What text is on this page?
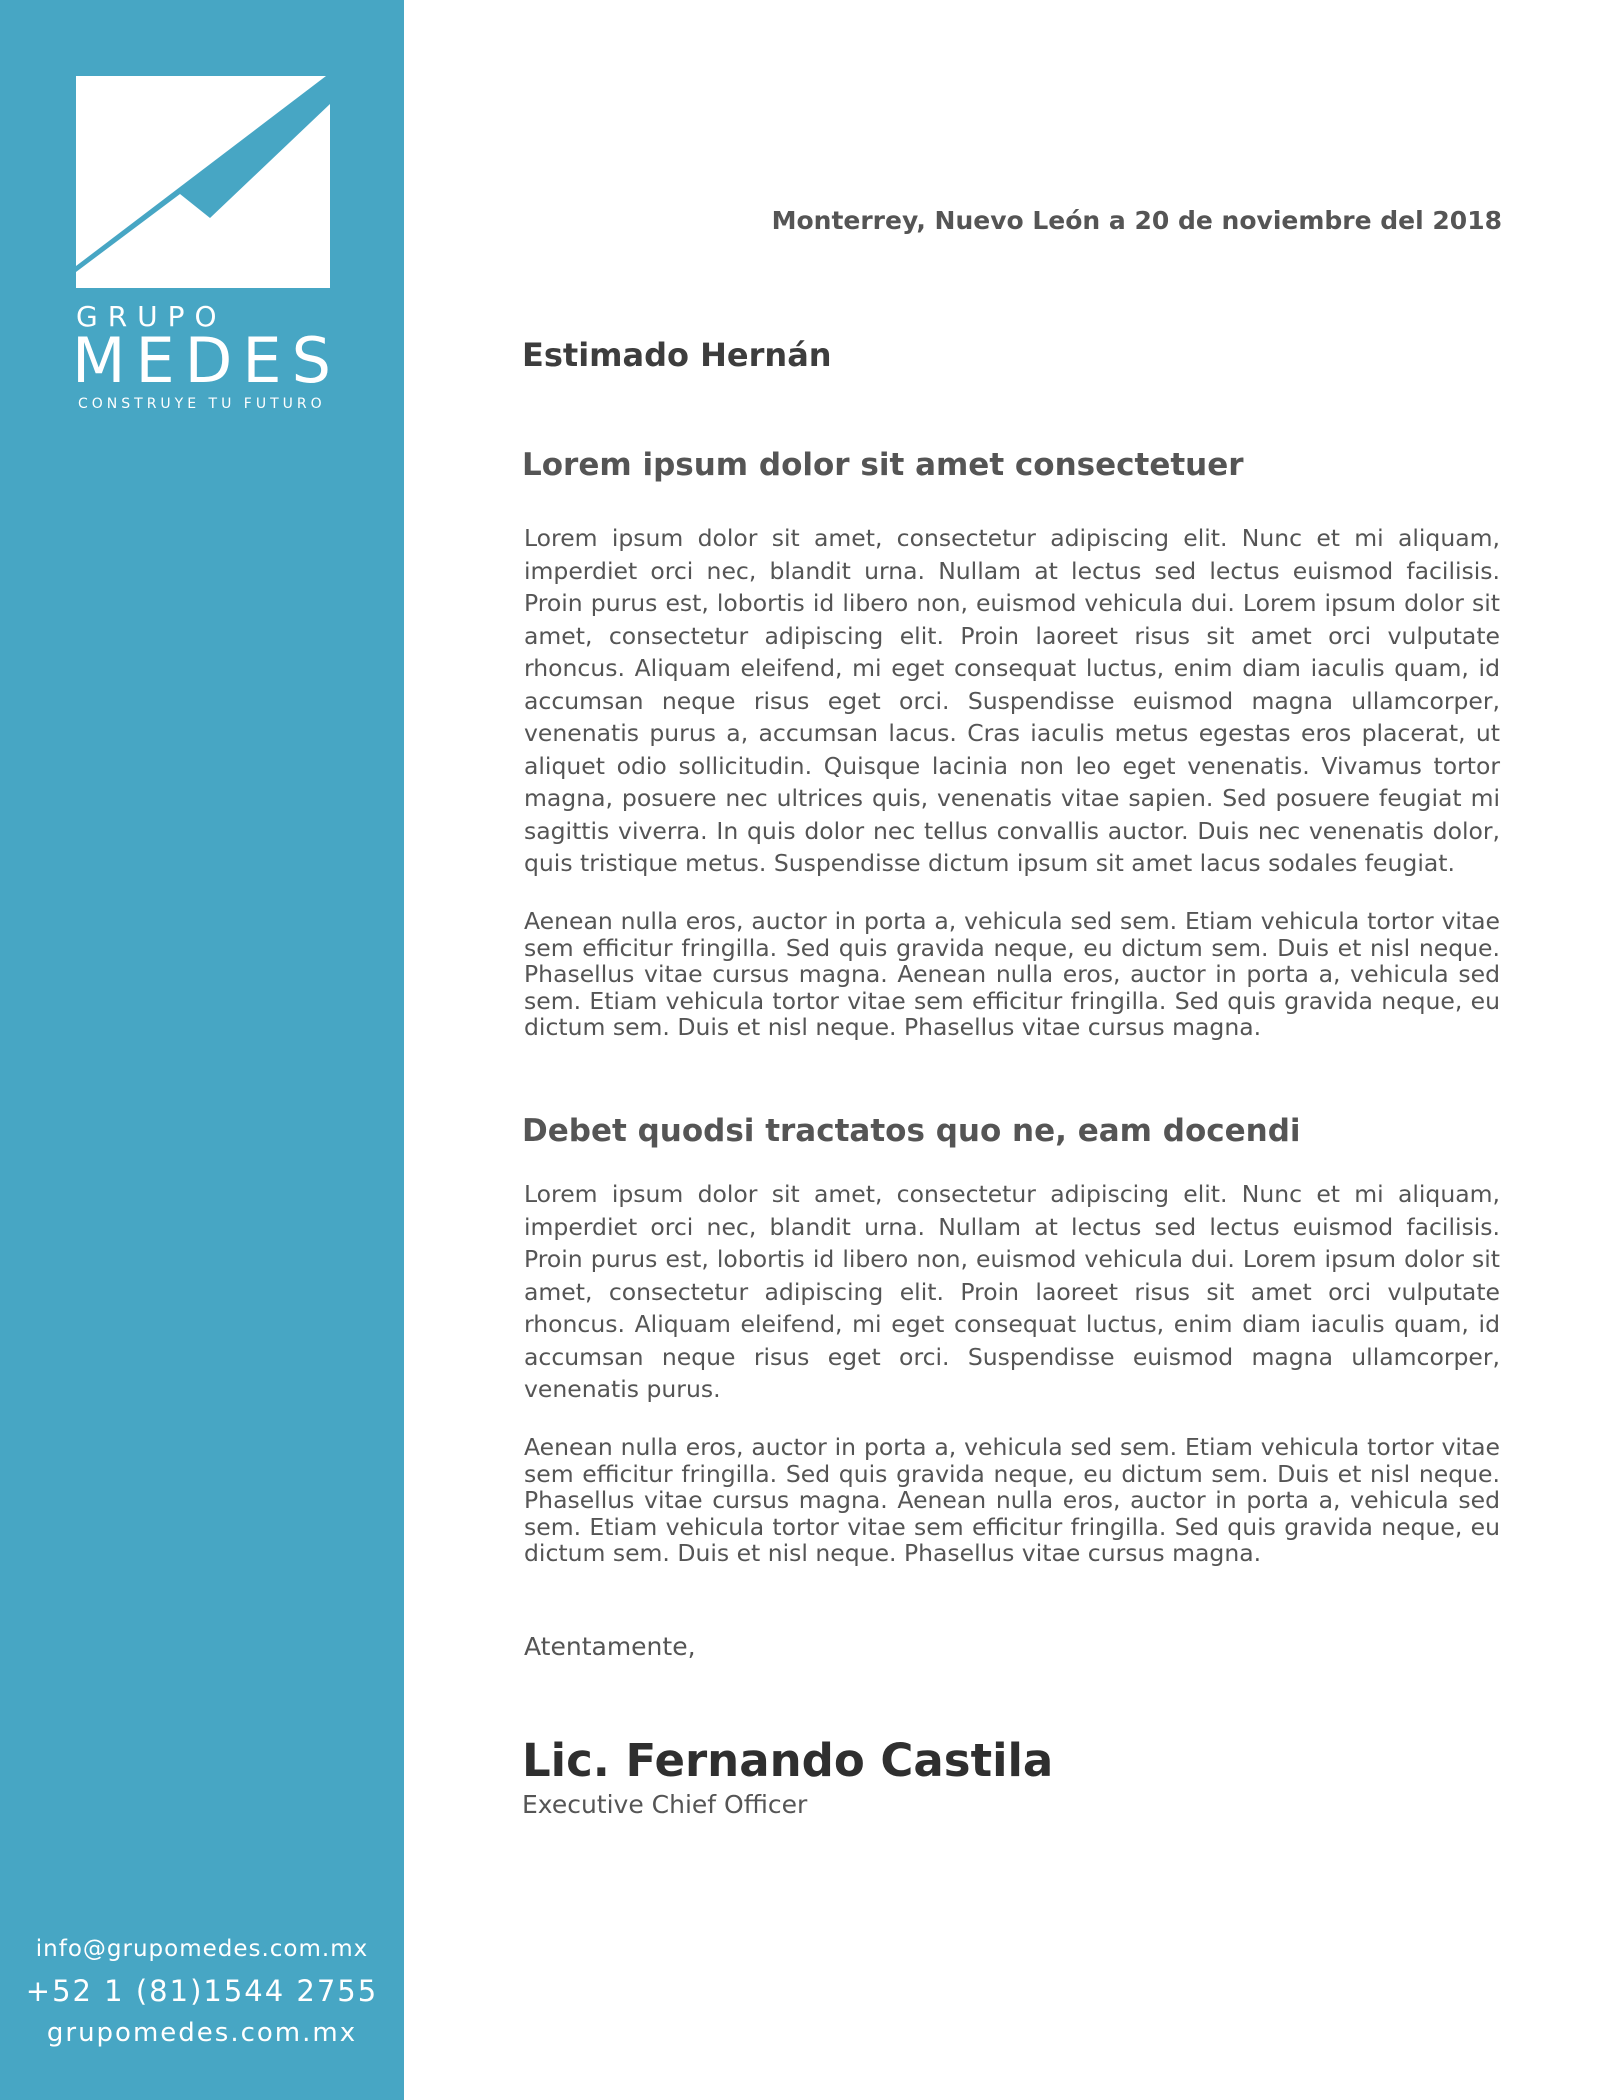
GRUPO
MEDES
CONSTRUYE TU FUTURO
info@grupomedes.com.mx
+52 1 (81)1544 2755
grupomedes.com.mx
Monterrey, Nuevo León a 20 de noviembre del 2018
Estimado Hernán
Lorem ipsum dolor sit amet consectetuer

Lorem ipsum dolor sit amet, consectetur adipiscing elit. Nunc et mi aliquam, imperdiet orci nec, blandit urna. Nullam at lectus sed lectus euismod facilisis. Proin purus est, lobortis id libero non, euismod vehicula dui. Lorem ipsum dolor sit amet, consectetur adipiscing elit. Proin laoreet risus sit amet orci vulputate rhoncus. Aliquam eleifend, mi eget consequat luctus, enim diam iaculis quam, id accumsan neque risus eget orci. Suspendisse euismod magna ullamcorper, venenatis purus a, accumsan lacus. Cras iaculis metus egestas eros placerat, ut aliquet odio sollicitudin. Quisque lacinia non leo eget venenatis. Vivamus tortor magna, posuere nec ultrices quis, venenatis vitae sapien. Sed posuere feugiat mi sagittis viverra. In quis dolor nec tellus convallis auctor. Duis nec venenatis dolor, quis tristique metus. Suspendisse dictum ipsum sit amet lacus sodales feugiat.

Aenean nulla eros, auctor in porta a, vehicula sed sem. Etiam vehicula tortor vitae sem efficitur fringilla. Sed quis gravida neque, eu dictum sem. Duis et nisl neque. Phasellus vitae cursus magna. Aenean nulla eros, auctor in porta a, vehicula sed sem. Etiam vehicula tortor vitae sem efficitur fringilla. Sed quis gravida neque, eu dictum sem. Duis et nisl neque. Phasellus vitae cursus magna.

Debet quodsi tractatos quo ne, eam docendi

Lorem ipsum dolor sit amet, consectetur adipiscing elit. Nunc et mi aliquam, imperdiet orci nec, blandit urna. Nullam at lectus sed lectus euismod facilisis. Proin purus est, lobortis id libero non, euismod vehicula dui. Lorem ipsum dolor sit amet, consectetur adipiscing elit. Proin laoreet risus sit amet orci vulputate rhoncus. Aliquam eleifend, mi eget consequat luctus, enim diam iaculis quam, id accumsan neque risus eget orci. Suspendisse euismod magna ullamcorper, venenatis purus.

Aenean nulla eros, auctor in porta a, vehicula sed sem. Etiam vehicula tortor vitae sem efficitur fringilla. Sed quis gravida neque, eu dictum sem. Duis et nisl neque. Phasellus vitae cursus magna. Aenean nulla eros, auctor in porta a, vehicula sed sem. Etiam vehicula tortor vitae sem efficitur fringilla. Sed quis gravida neque, eu dictum sem. Duis et nisl neque. Phasellus vitae cursus magna.

Atentamente,
Lic. Fernando Castila
Executive Chief Officer
